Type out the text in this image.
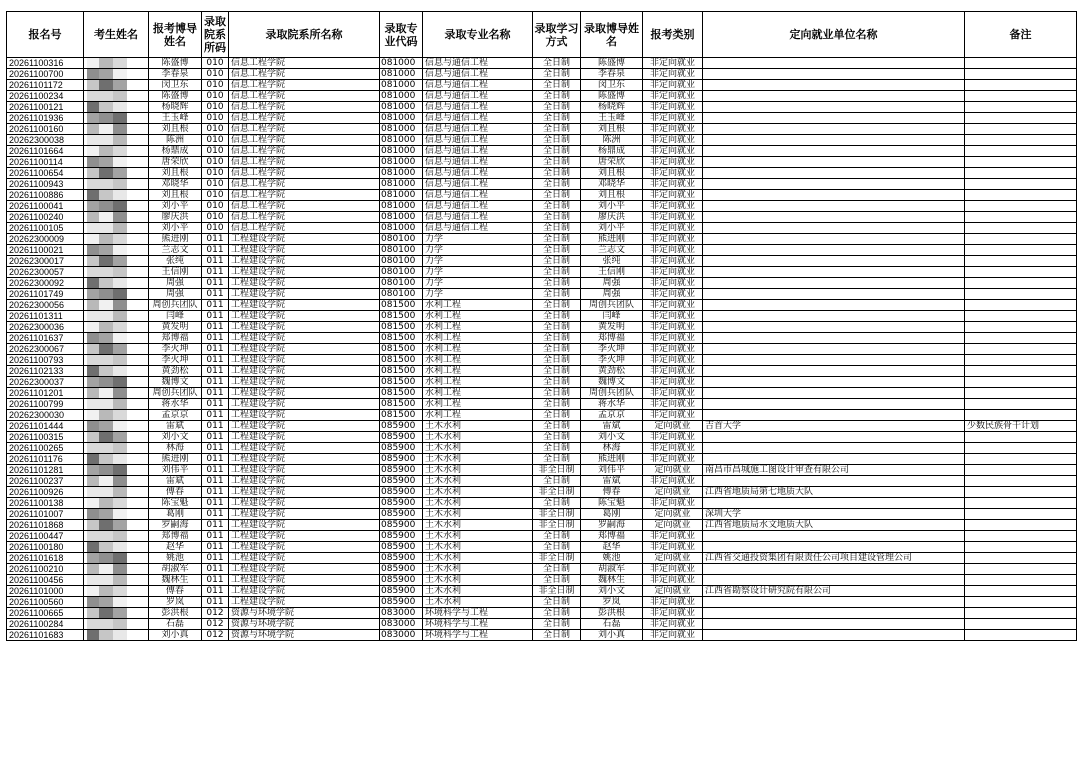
报名号	考生姓名	报考博导姓名	录取院系所码	录取院系所名称	录取专业代码	录取专业名称	录取学习方式	录取博导姓名	报考类别	定向就业单位名称	备注
20261100316		陈盛博	010	信息工程学院	081000	信息与通信工程	全日制	陈盛博	非定向就业		
20261100700		李春泉	010	信息工程学院	081000	信息与通信工程	全日制	李春泉	非定向就业		
20261101172		闵卫东	010	信息工程学院	081000	信息与通信工程	全日制	闵卫东	非定向就业		
20261100234		陈盛博	010	信息工程学院	081000	信息与通信工程	全日制	陈盛博	非定向就业		
20261100121		杨晓辉	010	信息工程学院	081000	信息与通信工程	全日制	杨晓辉	非定向就业		
20261101936		王玉峰	010	信息工程学院	081000	信息与通信工程	全日制	王玉峰	非定向就业		
20261100160		刘且根	010	信息工程学院	081000	信息与通信工程	全日制	刘且根	非定向就业		
20262300038		陈洲	010	信息工程学院	081000	信息与通信工程	全日制	陈洲	非定向就业		
20261101664		杨鼎成	010	信息工程学院	081000	信息与通信工程	全日制	杨鼎成	非定向就业		
20261100114		唐荣欣	010	信息工程学院	081000	信息与通信工程	全日制	唐荣欣	非定向就业		
20261100654		刘且根	010	信息工程学院	081000	信息与通信工程	全日制	刘且根	非定向就业		
20261100943		邓晓华	010	信息工程学院	081000	信息与通信工程	全日制	邓晓华	非定向就业		
20261100886		刘且根	010	信息工程学院	081000	信息与通信工程	全日制	刘且根	非定向就业		
20261100041		刘小平	010	信息工程学院	081000	信息与通信工程	全日制	刘小平	非定向就业		
20261100240		廖庆洪	010	信息工程学院	081000	信息与通信工程	全日制	廖庆洪	非定向就业		
20261100105		刘小平	010	信息工程学院	081000	信息与通信工程	全日制	刘小平	非定向就业		
20262300009		熊进刚	011	工程建设学院	080100	力学	全日制	熊进刚	非定向就业		
20261100021		兰志文	011	工程建设学院	080100	力学	全日制	兰志文	非定向就业		
20262300017		张纯	011	工程建设学院	080100	力学	全日制	张纯	非定向就业		
20262300057		王信刚	011	工程建设学院	080100	力学	全日制	王信刚	非定向就业		
20262300092		周强	011	工程建设学院	080100	力学	全日制	周强	非定向就业		
20261101749		周强	011	工程建设学院	080100	力学	全日制	周强	非定向就业		
20262300056		周创兵团队	011	工程建设学院	081500	水利工程	全日制	周创兵团队	非定向就业		
20261101311		闫峰	011	工程建设学院	081500	水利工程	全日制	闫峰	非定向就业		
20262300036		黄发明	011	工程建设学院	081500	水利工程	全日制	黄发明	非定向就业		
20261101637		郑博福	011	工程建设学院	081500	水利工程	全日制	郑博福	非定向就业		
20262300067		李火坤	011	工程建设学院	081500	水利工程	全日制	李火坤	非定向就业		
20261100793		李火坤	011	工程建设学院	081500	水利工程	全日制	李火坤	非定向就业		
20261102133		黄劲松	011	工程建设学院	081500	水利工程	全日制	黄劲松	非定向就业		
20262300037		魏博文	011	工程建设学院	081500	水利工程	全日制	魏博文	非定向就业		
20261101201		周创兵团队	011	工程建设学院	081500	水利工程	全日制	周创兵团队	非定向就业		
20261100799		蒋水华	011	工程建设学院	081500	水利工程	全日制	蒋水华	非定向就业		
20262300030		孟京京	011	工程建设学院	081500	水利工程	全日制	孟京京	非定向就业		
20261101444		雷斌	011	工程建设学院	085900	土木水利	全日制	雷斌	定向就业	吉首大学	少数民族骨干计划
20261100315		刘小文	011	工程建设学院	085900	土木水利	全日制	刘小文	非定向就业		
20261100265		林海	011	工程建设学院	085900	土木水利	全日制	林海	非定向就业		
20261101176		熊进刚	011	工程建设学院	085900	土木水利	全日制	熊进刚	非定向就业		
20261101281		刘伟平	011	工程建设学院	085900	土木水利	非全日制	刘伟平	定向就业	南昌市昌城施工图设计审查有限公司	
20261100237		雷斌	011	工程建设学院	085900	土木水利	全日制	雷斌	非定向就业		
20261100926		傅春	011	工程建设学院	085900	土木水利	非全日制	傅春	定向就业	江西省地质局第七地质大队	
20261100138		陈宝魁	011	工程建设学院	085900	土木水利	全日制	陈宝魁	非定向就业		
20261101007		葛刚	011	工程建设学院	085900	土木水利	非全日制	葛刚	定向就业	深圳大学	
20261101868		罗嗣海	011	工程建设学院	085900	土木水利	非全日制	罗嗣海	定向就业	江西省地质局水文地质大队	
20261100447		郑博福	011	工程建设学院	085900	土木水利	全日制	郑博福	非定向就业		
20261100180		赵华	011	工程建设学院	085900	土木水利	全日制	赵华	非定向就业		
20261101618		姚池	011	工程建设学院	085900	土木水利	非全日制	姚池	定向就业	江西省交通投资集团有限责任公司项目建设管理公司	
20261100210		胡淑军	011	工程建设学院	085900	土木水利	全日制	胡淑军	非定向就业		
20261100456		魏林生	011	工程建设学院	085900	土木水利	全日制	魏林生	非定向就业		
20261101000		傅春	011	工程建设学院	085900	土木水利	非全日制	刘小文	定向就业	江西省勘察设计研究院有限公司	
20261100560		罗岚	011	工程建设学院	085900	土木水利	全日制	罗岚	非定向就业		
20261100665		彭洪根	012	资源与环境学院	083000	环境科学与工程	全日制	彭洪根	非定向就业		
20261100284		石磊	012	资源与环境学院	083000	环境科学与工程	全日制	石磊	非定向就业		
20261101683		刘小真	012	资源与环境学院	083000	环境科学与工程	全日制	刘小真	非定向就业		
